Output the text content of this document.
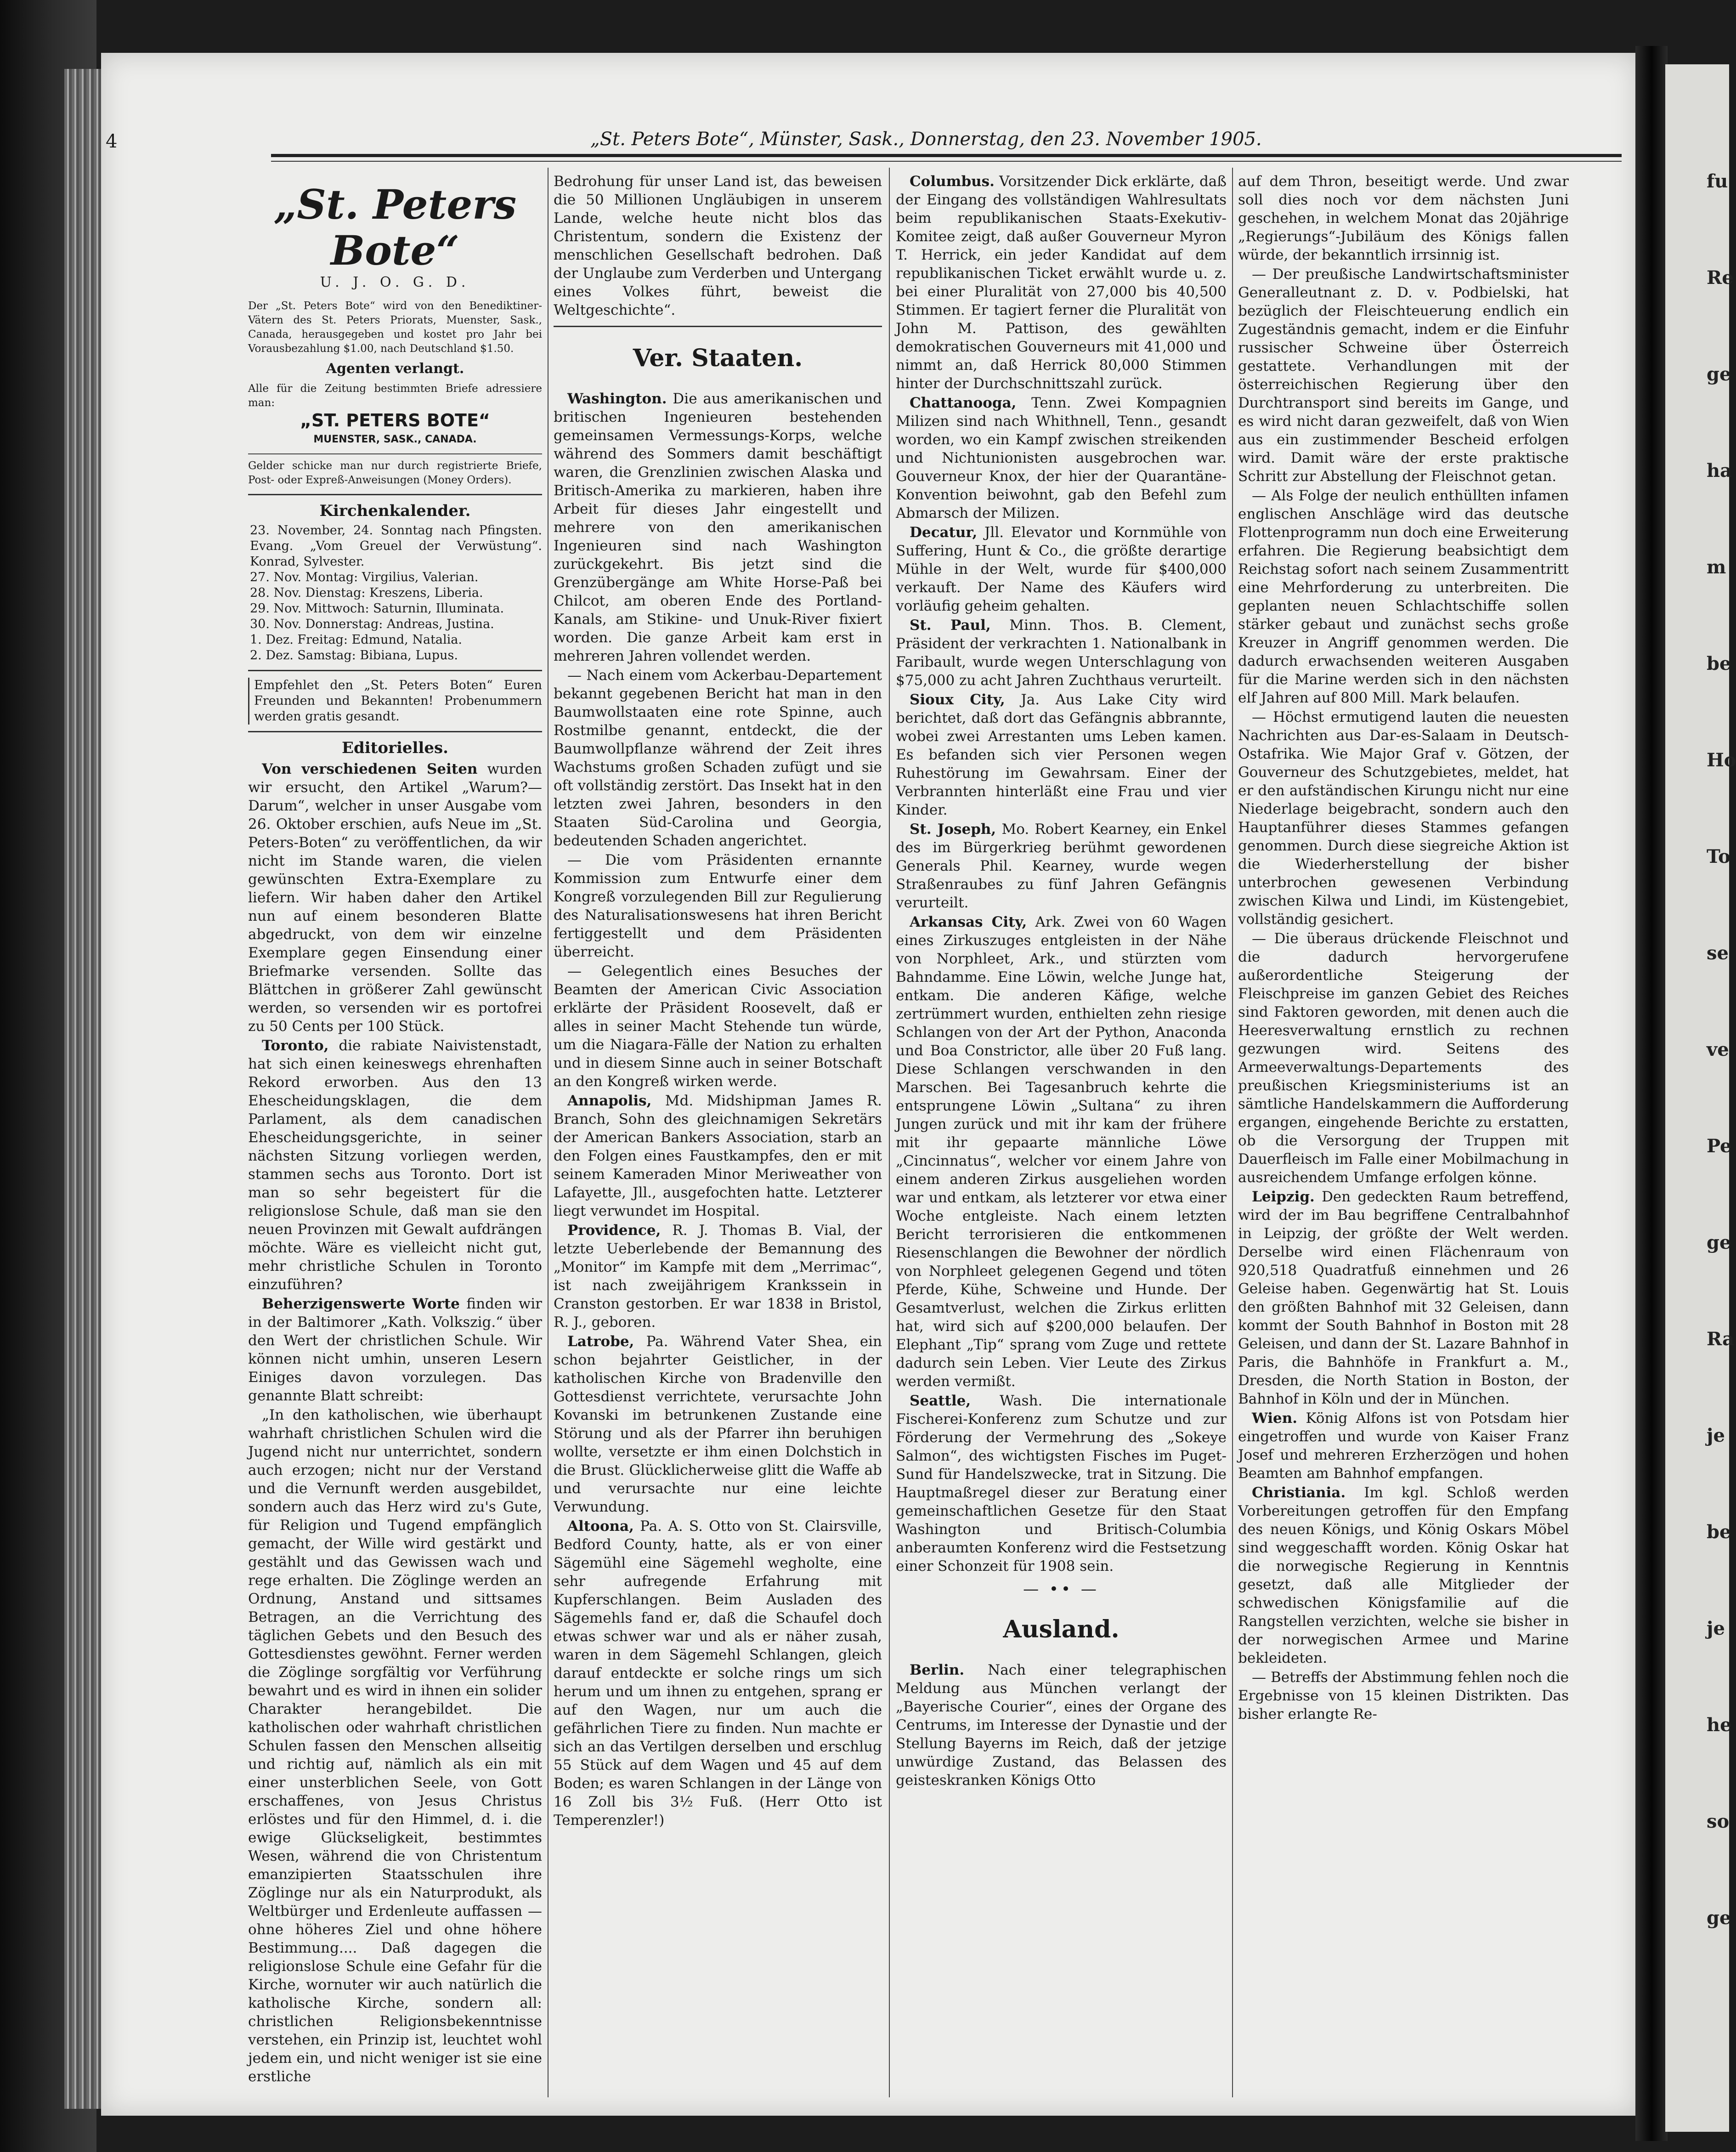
fu
Re
ge
ha
m
be
Ho
To
se
ve
Pe
ge
Ra
je
be
je
he
so
ge
4	„St. Peters Bote“, Münster, Sask., Donnerstag, den 23. November 1905.
„St. Peters Bote“
U. J. O. G. D.
Der „St. Peters Bote“ wird von den Benediktiner-Vätern des St. Peters Priorats, Muenster, Sask., Canada, herausgegeben und kostet pro Jahr bei Vorausbezahlung $1.00, nach Deutschland $1.50.
Agenten verlangt.
Alle für die Zeitung bestimmten Briefe adressiere man:
„ST. PETERS BOTE“
MUENSTER, SASK., CANADA.
Gelder schicke man nur durch registrierte Briefe, Post- oder Expreß-Anweisungen (Money Orders).
Kirchenkalender.
23. November, 24. Sonntag nach Pfingsten. Evang. „Vom Greuel der Verwüstung“. Konrad, Sylvester.
27. Nov. Montag: Virgilius, Valerian.
28. Nov. Dienstag: Kreszens, Liberia.
29. Nov. Mittwoch: Saturnin, Illuminata.
30. Nov. Donnerstag: Andreas, Justina.
1. Dez. Freitag: Edmund, Natalia.
2. Dez. Samstag: Bibiana, Lupus.
Empfehlet den „St. Peters Boten“ Euren Freunden und Bekannten! Probenummern werden gratis gesandt.
Editorielles.

Von verschiedenen Seiten wurden wir ersucht, den Artikel „Warum?—Darum“, welcher in unser Ausgabe vom 26. Oktober erschien, aufs Neue im „St. Peters-Boten“ zu veröffentlichen, da wir nicht im Stande waren, die vielen gewünschten Extra-Exemplare zu liefern. Wir haben daher den Artikel nun auf einem besonderen Blatte abgedruckt, von dem wir einzelne Exemplare gegen Einsendung einer Briefmarke versenden. Sollte das Blättchen in größerer Zahl gewünscht werden, so versenden wir es portofrei zu 50 Cents per 100 Stück.

Toronto, die rabiate Naivistenstadt, hat sich einen keineswegs ehrenhaften Rekord erworben. Aus den 13 Ehescheidungsklagen, die dem Parlament, als dem canadischen Ehescheidungsgerichte, in seiner nächsten Sitzung vorliegen werden, stammen sechs aus Toronto. Dort ist man so sehr begeistert für die religionslose Schule, daß man sie den neuen Provinzen mit Gewalt aufdrängen möchte. Wäre es vielleicht nicht gut, mehr christliche Schulen in Toronto einzuführen?

Beherzigenswerte Worte finden wir in der Baltimorer „Kath. Volkszig.“ über den Wert der christlichen Schule. Wir können nicht umhin, unseren Lesern Einiges davon vorzulegen. Das genannte Blatt schreibt:

„In den katholischen, wie überhaupt wahrhaft christlichen Schulen wird die Jugend nicht nur unterrichtet, sondern auch erzogen; nicht nur der Verstand und die Vernunft werden ausgebildet, sondern auch das Herz wird zu's Gute, für Religion und Tugend empfänglich gemacht, der Wille wird gestärkt und gestählt und das Gewissen wach und rege erhalten. Die Zöglinge werden an Ordnung, Anstand und sittsames Betragen, an die Verrichtung des täglichen Gebets und den Besuch des Gottesdienstes gewöhnt. Ferner werden die Zöglinge sorgfältig vor Verführung bewahrt und es wird in ihnen ein solider Charakter herangebildet. Die katholischen oder wahrhaft christlichen Schulen fassen den Menschen allseitig und richtig auf, nämlich als ein mit einer unsterblichen Seele, von Gott erschaffenes, von Jesus Christus erlöstes und für den Himmel, d. i. die ewige Glückseligkeit, bestimmtes Wesen, während die von Christentum emanzipierten Staatsschulen ihre Zöglinge nur als ein Naturprodukt, als Weltbürger und Erdenleute auffassen — ohne höheres Ziel und ohne höhere Bestimmung.... Daß dagegen die religionslose Schule eine Gefahr für die Kirche, wornuter wir auch natürlich die katholische Kirche, sondern all: christlichen Religionsbekenntnisse verstehen, ein Prinzip ist, leuchtet wohl jedem ein, und nicht weniger ist sie eine erstliche

Bedrohung für unser Land ist, das beweisen die 50 Millionen Ungläubigen in unserem Lande, welche heute nicht blos das Christentum, sondern die Existenz der menschlichen Gesellschaft bedrohen. Daß der Unglaube zum Verderben und Untergang eines Volkes führt, beweist die Weltgeschichte“.

Ver. Staaten.

Washington. Die aus amerikanischen und britischen Ingenieuren bestehenden gemeinsamen Vermessungs-Korps, welche während des Sommers damit beschäftigt waren, die Grenzlinien zwischen Alaska und Britisch-Amerika zu markieren, haben ihre Arbeit für dieses Jahr eingestellt und mehrere von den amerikanischen Ingenieuren sind nach Washington zurückgekehrt. Bis jetzt sind die Grenzübergänge am White Horse-Paß bei Chilcot, am oberen Ende des Portland-Kanals, am Stikine- und Unuk-River fixiert worden. Die ganze Arbeit kam erst in mehreren Jahren vollendet werden.

— Nach einem vom Ackerbau-Departement bekannt gegebenen Bericht hat man in den Baumwollstaaten eine rote Spinne, auch Rostmilbe genannt, entdeckt, die der Baumwollpflanze während der Zeit ihres Wachstums großen Schaden zufügt und sie oft vollständig zerstört. Das Insekt hat in den letzten zwei Jahren, besonders in den Staaten Süd-Carolina und Georgia, bedeutenden Schaden angerichtet.

— Die vom Präsidenten ernannte Kommission zum Entwurfe einer dem Kongreß vorzulegenden Bill zur Regulierung des Naturalisationswesens hat ihren Bericht fertiggestellt und dem Präsidenten überreicht.

— Gelegentlich eines Besuches der Beamten der American Civic Association erklärte der Präsident Roosevelt, daß er alles in seiner Macht Stehende tun würde, um die Niagara-Fälle der Nation zu erhalten und in diesem Sinne auch in seiner Botschaft an den Kongreß wirken werde.

Annapolis, Md. Midshipman James R. Branch, Sohn des gleichnamigen Sekretärs der American Bankers Association, starb an den Folgen eines Faustkampfes, den er mit seinem Kameraden Minor Meriweather von Lafayette, Jll., ausgefochten hatte. Letzterer liegt verwundet im Hospital.

Providence, R. J. Thomas B. Vial, der letzte Ueberlebende der Bemannung des „Monitor“ im Kampfe mit dem „Merrimac“, ist nach zweijährigem Krankssein in Cranston gestorben. Er war 1838 in Bristol, R. J., geboren.

Latrobe, Pa. Während Vater Shea, ein schon bejahrter Geistlicher, in der katholischen Kirche von Bradenville den Gottesdienst verrichtete, verursachte John Kovanski im betrunkenen Zustande eine Störung und als der Pfarrer ihn beruhigen wollte, versetzte er ihm einen Dolchstich in die Brust. Glücklicherweise glitt die Waffe ab und verursachte nur eine leichte Verwundung.

Altoona, Pa. A. S. Otto von St. Clairsville, Bedford County, hatte, als er von einer Sägemühl eine Sägemehl wegholte, eine sehr aufregende Erfahrung mit Kupferschlangen. Beim Ausladen des Sägemehls fand er, daß die Schaufel doch etwas schwer war und als er näher zusah, waren in dem Sägemehl Schlangen, gleich darauf entdeckte er solche rings um sich herum und um ihnen zu entgehen, sprang er auf den Wagen, nur um auch die gefährlichen Tiere zu finden. Nun machte er sich an das Vertilgen derselben und erschlug 55 Stück auf dem Wagen und 45 auf dem Boden; es waren Schlangen in der Länge von 16 Zoll bis 3½ Fuß. (Herr Otto ist Temperenzler!)

Columbus. Vorsitzender Dick erklärte, daß der Eingang des vollständigen Wahlresultats beim republikanischen Staats-Exekutiv-Komitee zeigt, daß außer Gouverneur Myron T. Herrick, ein jeder Kandidat auf dem republikanischen Ticket erwählt wurde u. z. bei einer Pluralität von 27,000 bis 40,500 Stimmen. Er tagiert ferner die Pluralität von John M. Pattison, des gewählten demokratischen Gouverneurs mit 41,000 und nimmt an, daß Herrick 80,000 Stimmen hinter der Durchschnittszahl zurück.

Chattanooga, Tenn. Zwei Kompagnien Milizen sind nach Whithnell, Tenn., gesandt worden, wo ein Kampf zwischen streikenden und Nichtunionisten ausgebrochen war. Gouverneur Knox, der hier der Quarantäne-Konvention beiwohnt, gab den Befehl zum Abmarsch der Milizen.

Decatur, Jll. Elevator und Kornmühle von Suffering, Hunt & Co., die größte derartige Mühle in der Welt, wurde für $400,000 verkauft. Der Name des Käufers wird vorläufig geheim gehalten.

St. Paul, Minn. Thos. B. Clement, Präsident der verkrachten 1. Nationalbank in Faribault, wurde wegen Unterschlagung von $75,000 zu acht Jahren Zuchthaus verurteilt.

Sioux City, Ja. Aus Lake City wird berichtet, daß dort das Gefängnis abbrannte, wobei zwei Arrestanten ums Leben kamen. Es befanden sich vier Personen wegen Ruhestörung im Gewahrsam. Einer der Verbrannten hinterläßt eine Frau und vier Kinder.

St. Joseph, Mo. Robert Kearney, ein Enkel des im Bürgerkrieg berühmt gewordenen Generals Phil. Kearney, wurde wegen Straßenraubes zu fünf Jahren Gefängnis verurteilt.

Arkansas City, Ark. Zwei von 60 Wagen eines Zirkuszuges entgleisten in der Nähe von Norphleet, Ark., und stürzten vom Bahndamme. Eine Löwin, welche Junge hat, entkam. Die anderen Käfige, welche zertrümmert wurden, enthielten zehn riesige Schlangen von der Art der Python, Anaconda und Boa Constrictor, alle über 20 Fuß lang. Diese Schlangen verschwanden in den Marschen. Bei Tagesanbruch kehrte die entsprungene Löwin „Sultana“ zu ihren Jungen zurück und mit ihr kam der frühere mit ihr gepaarte männliche Löwe „Cincinnatus“, welcher vor einem Jahre von einem anderen Zirkus ausgeliehen worden war und entkam, als letzterer vor etwa einer Woche entgleiste. Nach einem letzten Bericht terrorisieren die entkommenen Riesenschlangen die Bewohner der nördlich von Norphleet gelegenen Gegend und töten Pferde, Kühe, Schweine und Hunde. Der Gesamtverlust, welchen die Zirkus erlitten hat, wird sich auf $200,000 belaufen. Der Elephant „Tip“ sprang vom Zuge und rettete dadurch sein Leben. Vier Leute des Zirkus werden vermißt.

Seattle, Wash. Die internationale Fischerei-Konferenz zum Schutze und zur Förderung der Vermehrung des „Sokeye Salmon“, des wichtigsten Fisches im Puget-Sund für Handelszwecke, trat in Sitzung. Die Hauptmaßregel dieser zur Beratung einer gemeinschaftlichen Gesetze für den Staat Washington und Britisch-Columbia anberaumten Konferenz wird die Festsetzung einer Schonzeit für 1908 sein.

— •• —
Ausland.

Berlin. Nach einer telegraphischen Meldung aus München verlangt der „Bayerische Courier“, eines der Organe des Centrums, im Interesse der Dynastie und der Stellung Bayerns im Reich, daß der jetzige unwürdige Zustand, das Belassen des geisteskranken Königs Otto

auf dem Thron, beseitigt werde. Und zwar soll dies noch vor dem nächsten Juni geschehen, in welchem Monat das 20jährige „Regierungs“-Jubiläum des Königs fallen würde, der bekanntlich irrsinnig ist.

— Der preußische Landwirtschaftsminister Generalleutnant z. D. v. Podbielski, hat bezüglich der Fleischteuerung endlich ein Zugeständnis gemacht, indem er die Einfuhr russischer Schweine über Österreich gestattete. Verhandlungen mit der österreichischen Regierung über den Durchtransport sind bereits im Gange, und es wird nicht daran gezweifelt, daß von Wien aus ein zustimmender Bescheid erfolgen wird. Damit wäre der erste praktische Schritt zur Abstellung der Fleischnot getan.

— Als Folge der neulich enthüllten infamen englischen Anschläge wird das deutsche Flottenprogramm nun doch eine Erweiterung erfahren. Die Regierung beabsichtigt dem Reichstag sofort nach seinem Zusammentritt eine Mehrforderung zu unterbreiten. Die geplanten neuen Schlachtschiffe sollen stärker gebaut und zunächst sechs große Kreuzer in Angriff genommen werden. Die dadurch erwachsenden weiteren Ausgaben für die Marine werden sich in den nächsten elf Jahren auf 800 Mill. Mark belaufen.

— Höchst ermutigend lauten die neuesten Nachrichten aus Dar-es-Salaam in Deutsch-Ostafrika. Wie Major Graf v. Götzen, der Gouverneur des Schutzgebietes, meldet, hat er den aufständischen Kirungu nicht nur eine Niederlage beigebracht, sondern auch den Hauptanführer dieses Stammes gefangen genommen. Durch diese siegreiche Aktion ist die Wiederherstellung der bisher unterbrochen gewesenen Verbindung zwischen Kilwa und Lindi, im Küstengebiet, vollständig gesichert.

— Die überaus drückende Fleischnot und die dadurch hervorgerufene außerordentliche Steigerung der Fleischpreise im ganzen Gebiet des Reiches sind Faktoren geworden, mit denen auch die Heeresverwaltung ernstlich zu rechnen gezwungen wird. Seitens des Armeeverwaltungs-Departements des preußischen Kriegsministeriums ist an sämtliche Handelskammern die Aufforderung ergangen, eingehende Berichte zu erstatten, ob die Versorgung der Truppen mit Dauerfleisch im Falle einer Mobilmachung in ausreichendem Umfange erfolgen könne.

Leipzig. Den gedeckten Raum betreffend, wird der im Bau begriffene Centralbahnhof in Leipzig, der größte der Welt werden. Derselbe wird einen Flächenraum von 920,518 Quadratfuß einnehmen und 26 Geleise haben. Gegenwärtig hat St. Louis den größten Bahnhof mit 32 Geleisen, dann kommt der South Bahnhof in Boston mit 28 Geleisen, und dann der St. Lazare Bahnhof in Paris, die Bahnhöfe in Frankfurt a. M., Dresden, die North Station in Boston, der Bahnhof in Köln und der in München.

Wien. König Alfons ist von Potsdam hier eingetroffen und wurde von Kaiser Franz Josef und mehreren Erzherzögen und hohen Beamten am Bahnhof empfangen.

Christiania. Im kgl. Schloß werden Vorbereitungen getroffen für den Empfang des neuen Königs, und König Oskars Möbel sind weggeschafft worden. König Oskar hat die norwegische Regierung in Kenntnis gesetzt, daß alle Mitglieder der schwedischen Königsfamilie auf die Rangstellen verzichten, welche sie bisher in der norwegischen Armee und Marine bekleideten.

— Betreffs der Abstimmung fehlen noch die Ergebnisse von 15 kleinen Distrikten. Das bisher erlangte Re-
